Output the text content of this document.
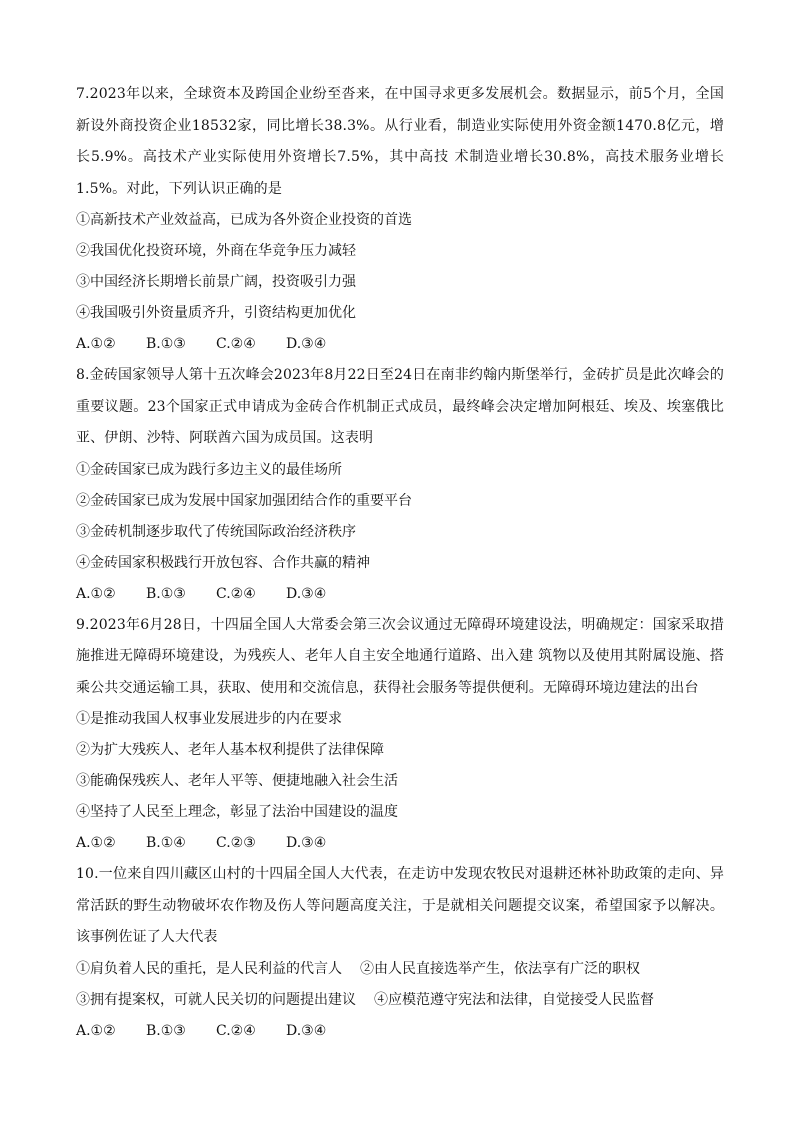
7.2023年以来，全球资本及跨国企业纷至沓来，在中国寻求更多发展机会。数据显示，前5个月，全国新设外商投资企业18532家，同比增长38.3%。从行业看，制造业实际使用外资金额1470.8亿元，增长5.9%。高技术产业实际使用外资增长7.5%，其中高技 术制造业增长30.8%，高技术服务业增长1.5%。对此，下列认识正确的是

①高新技术产业效益高，已成为各外资企业投资的首选

②我国优化投资环境，外商在华竞争压力减轻

③中国经济长期增长前景广阔，投资吸引力强

④我国吸引外资量质齐升，引资结构更加优化

A.①②	B.①③	C.②④	D.③④

8.金砖国家领导人第十五次峰会2023年8月22日至24日在南非约翰内斯堡举行，金砖扩员是此次峰会的重要议题。23个国家正式申请成为金砖合作机制正式成员，最终峰会决定增加阿根廷、埃及、埃塞俄比亚、伊朗、沙特、阿联酋六国为成员国。这表明

①金砖国家已成为践行多边主义的最佳场所

②金砖国家已成为发展中国家加强团结合作的重要平台

③金砖机制逐步取代了传统国际政治经济秩序

④金砖国家积极践行开放包容、合作共赢的精神

A.①②	B.①③	C.②④	D.③④

9.2023年6月28日，十四届全国人大常委会第三次会议通过无障碍环境建设法，明确规定：国家采取措施推进无障碍环境建设，为残疾人、老年人自主安全地通行道路、出入建 筑物以及使用其附属设施、搭乘公共交通运输工具，获取、使用和交流信息，获得社会服务等提供便利。无障碍环境边建法的出台

①是推动我国人权事业发展进步的内在要求

②为扩大残疾人、老年人基本权利提供了法律保障

③能确保残疾人、老年人平等、便捷地融入社会生活

④坚持了人民至上理念，彰显了法治中国建设的温度

A.①②	B.①④	C.②③	D.③④

10.一位来自四川藏区山村的十四届全国人大代表，在走访中发现农牧民对退耕还林补助政策的走向、异常活跃的野生动物破坏农作物及伤人等问题高度关注，于是就相关问题提交议案，希望国家予以解决。该事例佐证了人大代表

①肩负着人民的重托，是人民利益的代言人 ②由人民直接选举产生，依法享有广泛的职权
③拥有提案权，可就人民关切的问题提出建议 ④应模范遵守宪法和法律，自觉接受人民监督
A.①②	B.①③	C.②④	D.③④
